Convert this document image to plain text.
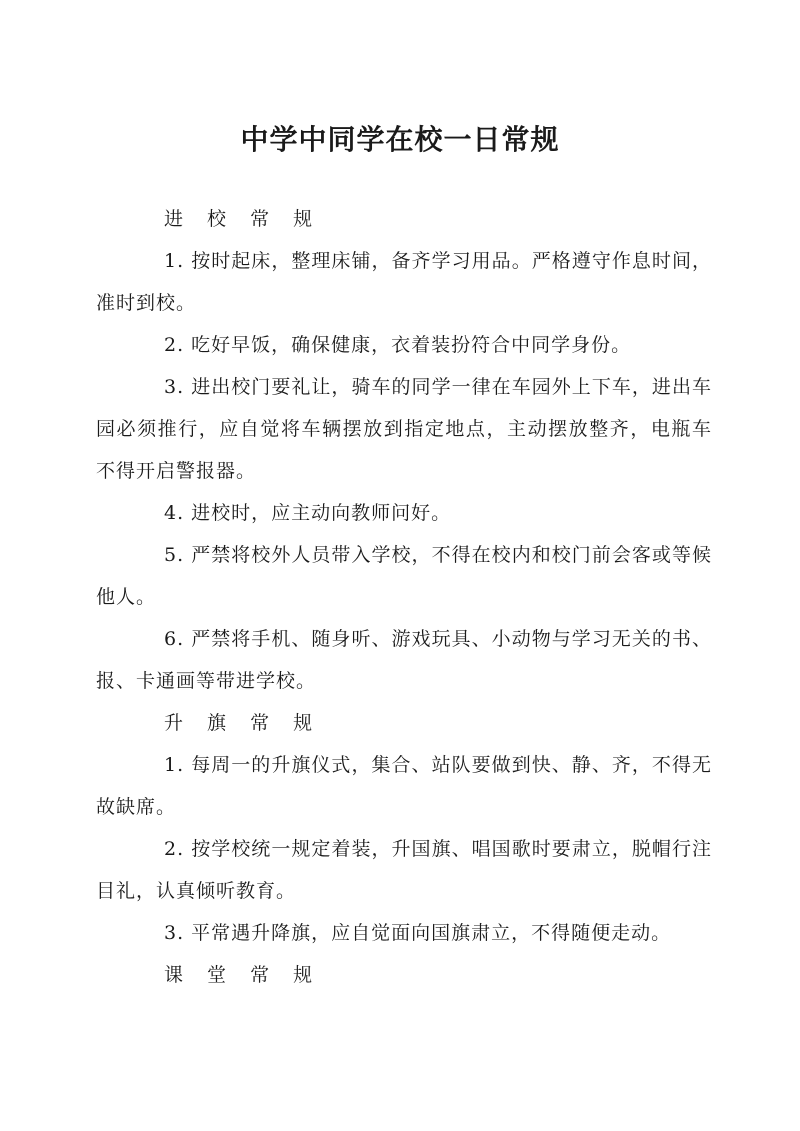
中学中同学在校一日常规

进 校 常 规

1. 按时起床，整理床铺，备齐学习用品。严格遵守作息时间，准时到校。

2. 吃好早饭，确保健康，衣着装扮符合中同学身份。

3. 进出校门要礼让，骑车的同学一律在车园外上下车，进出车园必须推行，应自觉将车辆摆放到指定地点，主动摆放整齐，电瓶车不得开启警报器。

4. 进校时，应主动向教师问好。

5. 严禁将校外人员带入学校，不得在校内和校门前会客或等候他人。

6. 严禁将手机、随身听、游戏玩具、小动物与学习无关的书、报、卡通画等带进学校。

升 旗 常 规

1. 每周一的升旗仪式，集合、站队要做到快、静、齐，不得无故缺席。

2. 按学校统一规定着装，升国旗、唱国歌时要肃立，脱帽行注目礼，认真倾听教育。

3. 平常遇升降旗，应自觉面向国旗肃立，不得随便走动。

课 堂 常 规
